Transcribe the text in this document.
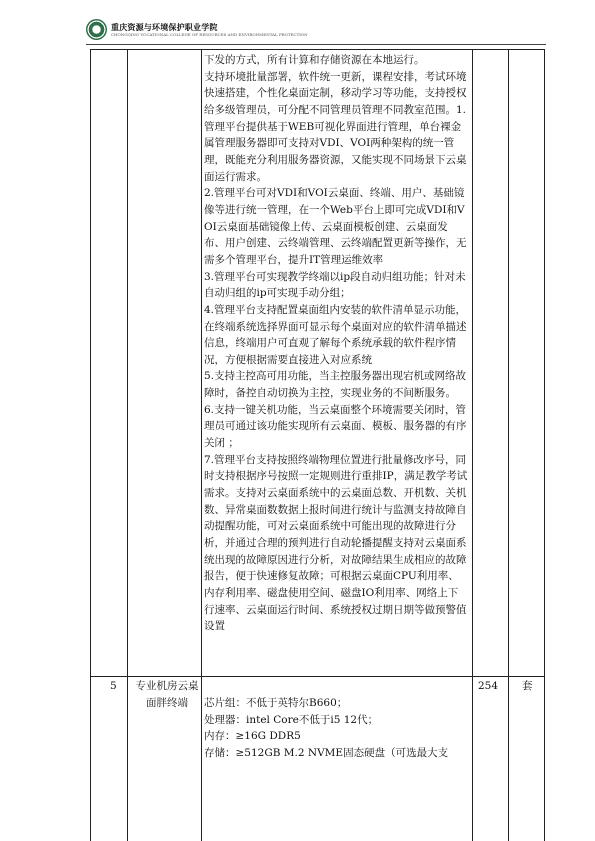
重庆资源与环境保护职业学院
CHONGQING VOCATIONAL COLLEGE OF RESOURCES AND ENVIRONMENTAL PROTECTION
下发的方式，所有计算和存储资源在本地运行。
支持环境批量部署，软件统一更新，课程安排，考试环境快速搭建，个性化桌面定制，移动学习等功能，支持授权给多级管理员，可分配不同管理员管理不同教室范围。1.管理平台提供基于WEB可视化界面进行管理，单台裸金属管理服务器即可支持对VDI、VOI两种架构的统一管理，既能充分利用服务器资源，又能实现不同场景下云桌面运行需求。
2.管理平台可对VDI和VOI云桌面、终端、用户、基础镜像等进行统一管理，在一个Web平台上即可完成VDI和VOI云桌面基础镜像上传、云桌面模板创建、云桌面发布、用户创建、云终端管理、云终端配置更新等操作，无需多个管理平台，提升IT管理运维效率
3.管理平台可实现教学终端以ip段自动归组功能；针对未自动归组的ip可实现手动分组；
4.管理平台支持配置桌面组内安装的软件清单显示功能，在终端系统选择界面可显示每个桌面对应的软件清单描述信息，终端用户可直观了解每个系统承载的软件程序情况，方便根据需要直接进入对应系统
5.支持主控高可用功能，当主控服务器出现宕机或网络故障时，备控自动切换为主控，实现业务的不间断服务。
6.支持一键关机功能，当云桌面整个环境需要关闭时，管理员可通过该功能实现所有云桌面、模板、服务器的有序关闭 ；
7.管理平台支持按照终端物理位置进行批量修改序号，同时支持根据序号按照一定规则进行重排IP，满足教学考试需求。支持对云桌面系统中的云桌面总数、开机数、关机数、异常桌面数数据上报时间进行统计与监测支持故障自动提醒功能，可对云桌面系统中可能出现的故障进行分析，并通过合理的预判进行自动轮播提醒支持对云桌面系统出现的故障原因进行分析，对故障结果生成相应的故障报告，便于快速修复故障；可根据云桌面CPU利用率、内存利用率、磁盘使用空间、磁盘IO利用率、网络上下行速率、云桌面运行时间、系统授权过期日期等做预警值设置
5 专业机房云桌面胖终端
254 套
芯片组：不低于英特尔B660；
处理器：intel Core不低于i5 12代；
内存：≥16G DDR5
存储：≥512GB M.2 NVME固态硬盘（可选最大支
